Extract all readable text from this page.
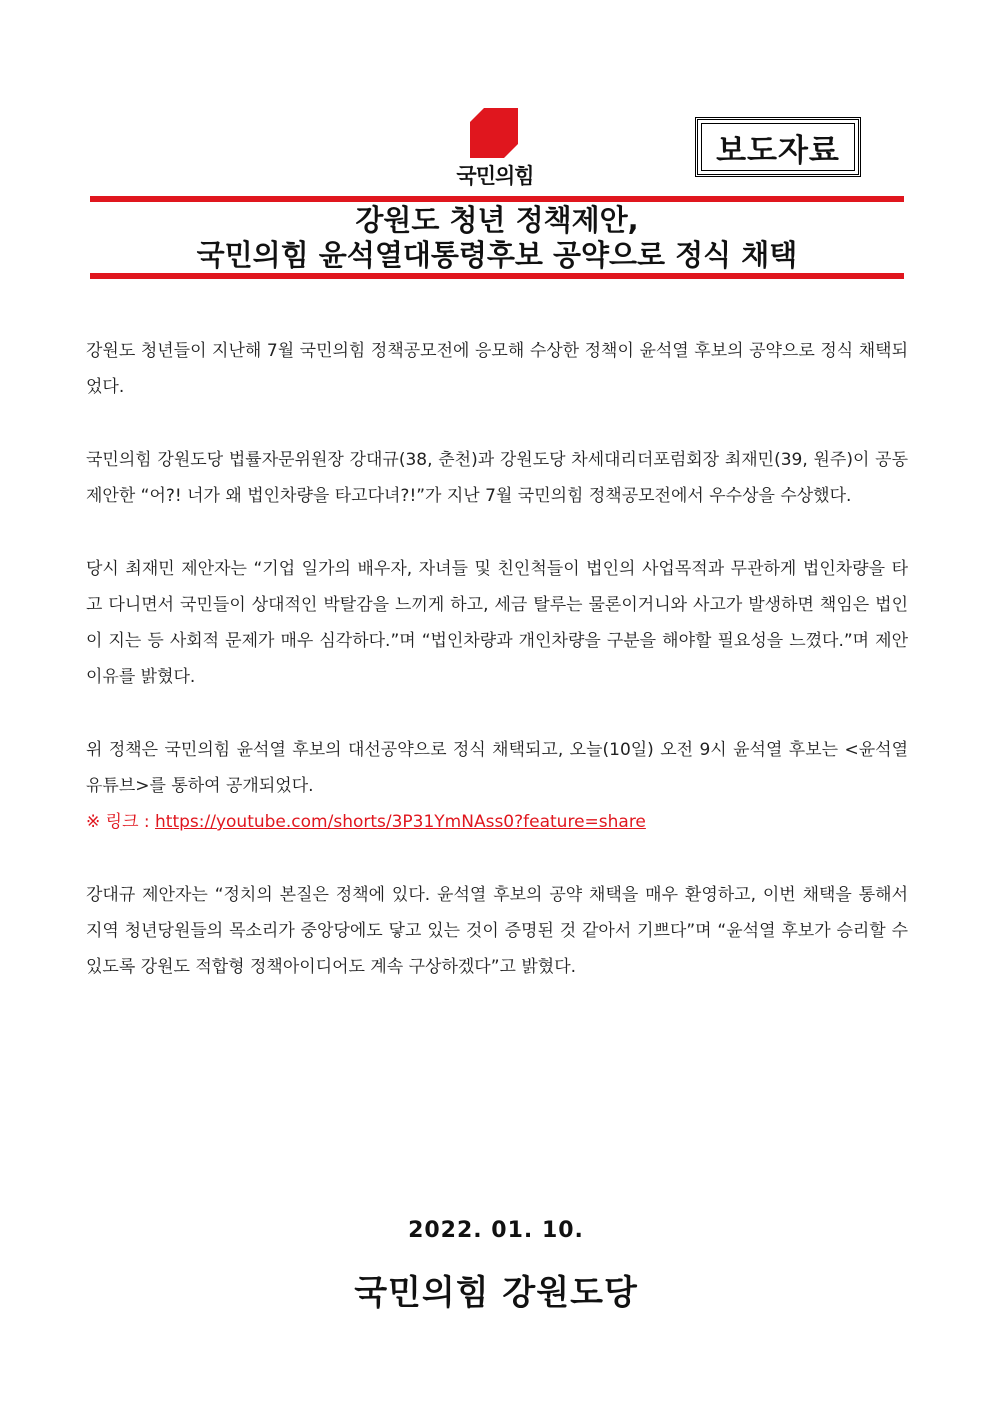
국민의힘
보도자료
강원도 청년 정책제안,
국민의힘 윤석열대통령후보 공약으로 정식 채택

강원도 청년들이 지난해 7월 국민의힘 정책공모전에 응모해 수상한 정책이 윤석열 후보의 공약으로 정식 채택되었다.

국민의힘 강원도당 법률자문위원장 강대규(38, 춘천)과 강원도당 차세대리더포럼회장 최재민(39, 원주)이 공동 제안한 “어?! 너가 왜 법인차량을 타고다녀?!”가 지난 7월 국민의힘 정책공모전에서 우수상을 수상했다.

당시 최재민 제안자는 “기업 일가의 배우자, 자녀들 및 친인척들이 법인의 사업목적과 무관하게 법인차량을 타고 다니면서 국민들이 상대적인 박탈감을 느끼게 하고, 세금 탈루는 물론이거니와 사고가 발생하면 책임은 법인이 지는 등 사회적 문제가 매우 심각하다.”며 “법인차량과 개인차량을 구분을 해야할 필요성을 느꼈다.”며 제안이유를 밝혔다.

위 정책은 국민의힘 윤석열 후보의 대선공약으로 정식 채택되고, 오늘(10일) 오전 9시 윤석열 후보는 <윤석열 유튜브>를 통하여 공개되었다.

※ 링크 : https://youtube.com/shorts/3P31YmNAss0?feature=share

강대규 제안자는 “정치의 본질은 정책에 있다. 윤석열 후보의 공약 채택을 매우 환영하고, 이번 채택을 통해서 지역 청년당원들의 목소리가 중앙당에도 닿고 있는 것이 증명된 것 같아서 기쁘다”며 “윤석열 후보가 승리할 수 있도록 강원도 적합형 정책아이디어도 계속 구상하겠다”고 밝혔다.

2022. 01. 10.
국민의힘 강원도당
